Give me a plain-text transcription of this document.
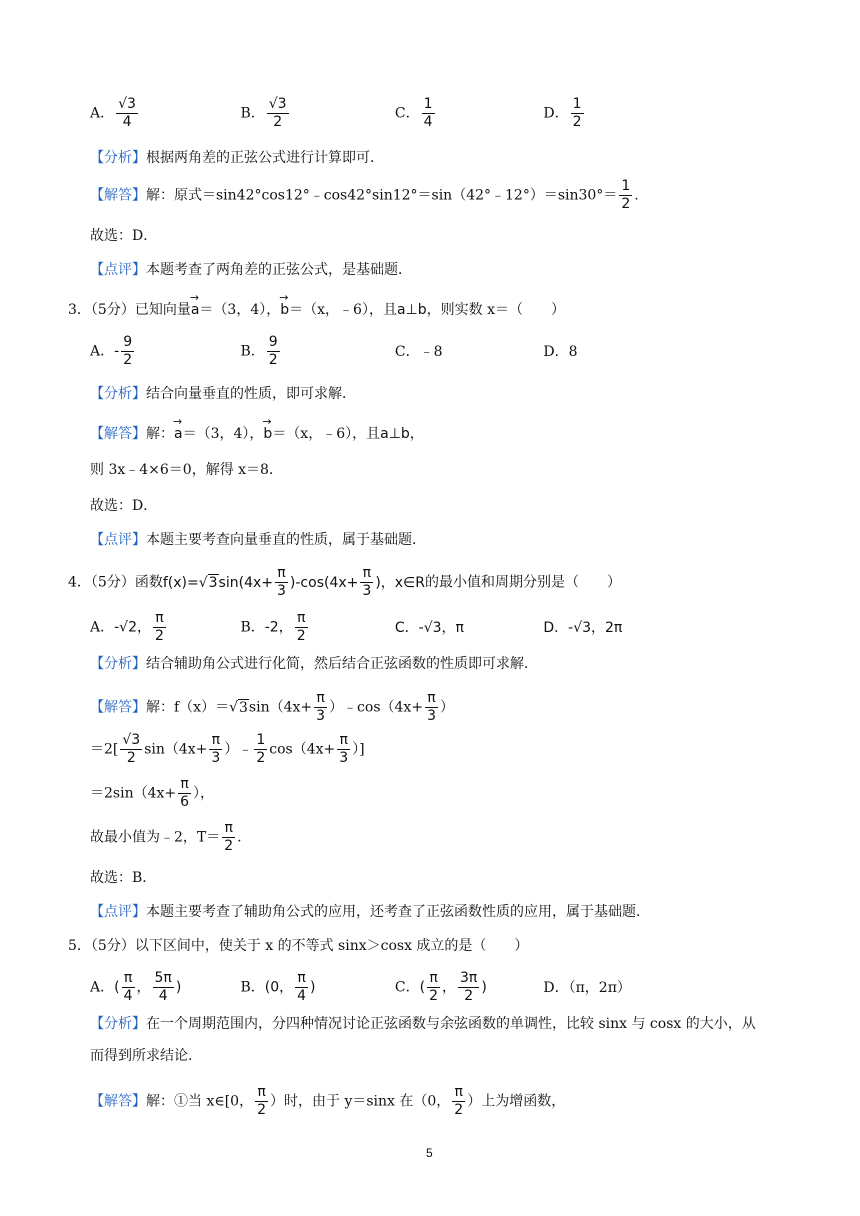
A． $\frac{√3}{4}$	B． $\frac{√3}{2}$	C． $\frac{1}{4}$	D． $\frac{1}{2}$
【分析】根据两角差的正弦公式进行计算即可．
【解答】解：原式＝sin42°cos12°﹣cos42°sin12°＝sin（42°﹣12°）＝sin30°＝ $\frac{1}{2}$ .
故选：D．
【点评】本题考查了两角差的正弦公式，是基础题．
3．（5分）已知向量→ a＝（3，4），→ b＝（x，﹣6），且a⊥b，则实数 x＝（　　）
A．- $\frac{9}{2}$	B． $\frac{9}{2}$	C．﹣8	D．8
【分析】结合向量垂直的性质，即可求解．
【解答】解：→ a＝（3，4），→ b＝（x，﹣6），且a⊥b，
则 3x﹣4×6＝0，解得 x＝8．
故选：D．
【点评】本题主要考查向量垂直的性质，属于基础题．
4．（5分）函数$f(x)=√3\sin(4x+ \frac{\pi}{3} )-\cos(4x+ \frac{\pi}{3}$ )，x∈R的最小值和周期分别是（　　）
A．-√2， $\frac{\pi}{2}$	B．-2， $\frac{\pi}{2}$	C．-√3，π	D．-√3，2π
【分析】结合辅助角公式进行化简，然后结合正弦函数的性质即可求解．
【解答】解：$f(x)=√3\sin(4x+ \frac{\pi}{3}$ ）﹣cos（4x+ $\frac{\pi}{3}$ ）
$=2[ \frac{√3}{2} \sin(4x+ \frac{\pi}{3}$ ）﹣ $\frac{1}{2} \cos(4x+ \frac{\pi}{3}$ ）]
$=2\sin(4x+ \frac{\pi}{6}$ ），
故最小值为﹣2，$T= \frac{\pi}{2}$ .
故选：B．
【点评】本题主要考查了辅助角公式的应用，还考查了正弦函数性质的应用，属于基础题．
5．（5分）以下区间中，使关于 x 的不等式 sinx＞cosx 成立的是（　　）
A．( $\frac{\pi}{4}$ ， $\frac{5\pi}{4}$ )	B．(0， $\frac{\pi}{4}$ )	C．( $\frac{\pi}{2}$ ， $\frac{3\pi}{2}$ )	D．（π，2π）
【分析】在一个周期范围内，分四种情况讨论正弦函数与余弦函数的单调性，比较 sinx 与 cosx 的大小，从
而得到所求结论．
【解答】解：①当 x∈[0， $\frac{\pi}{2}$ ）时，由于 y＝sinx 在（0， $\frac{\pi}{2}$ ）上为增函数，
5
